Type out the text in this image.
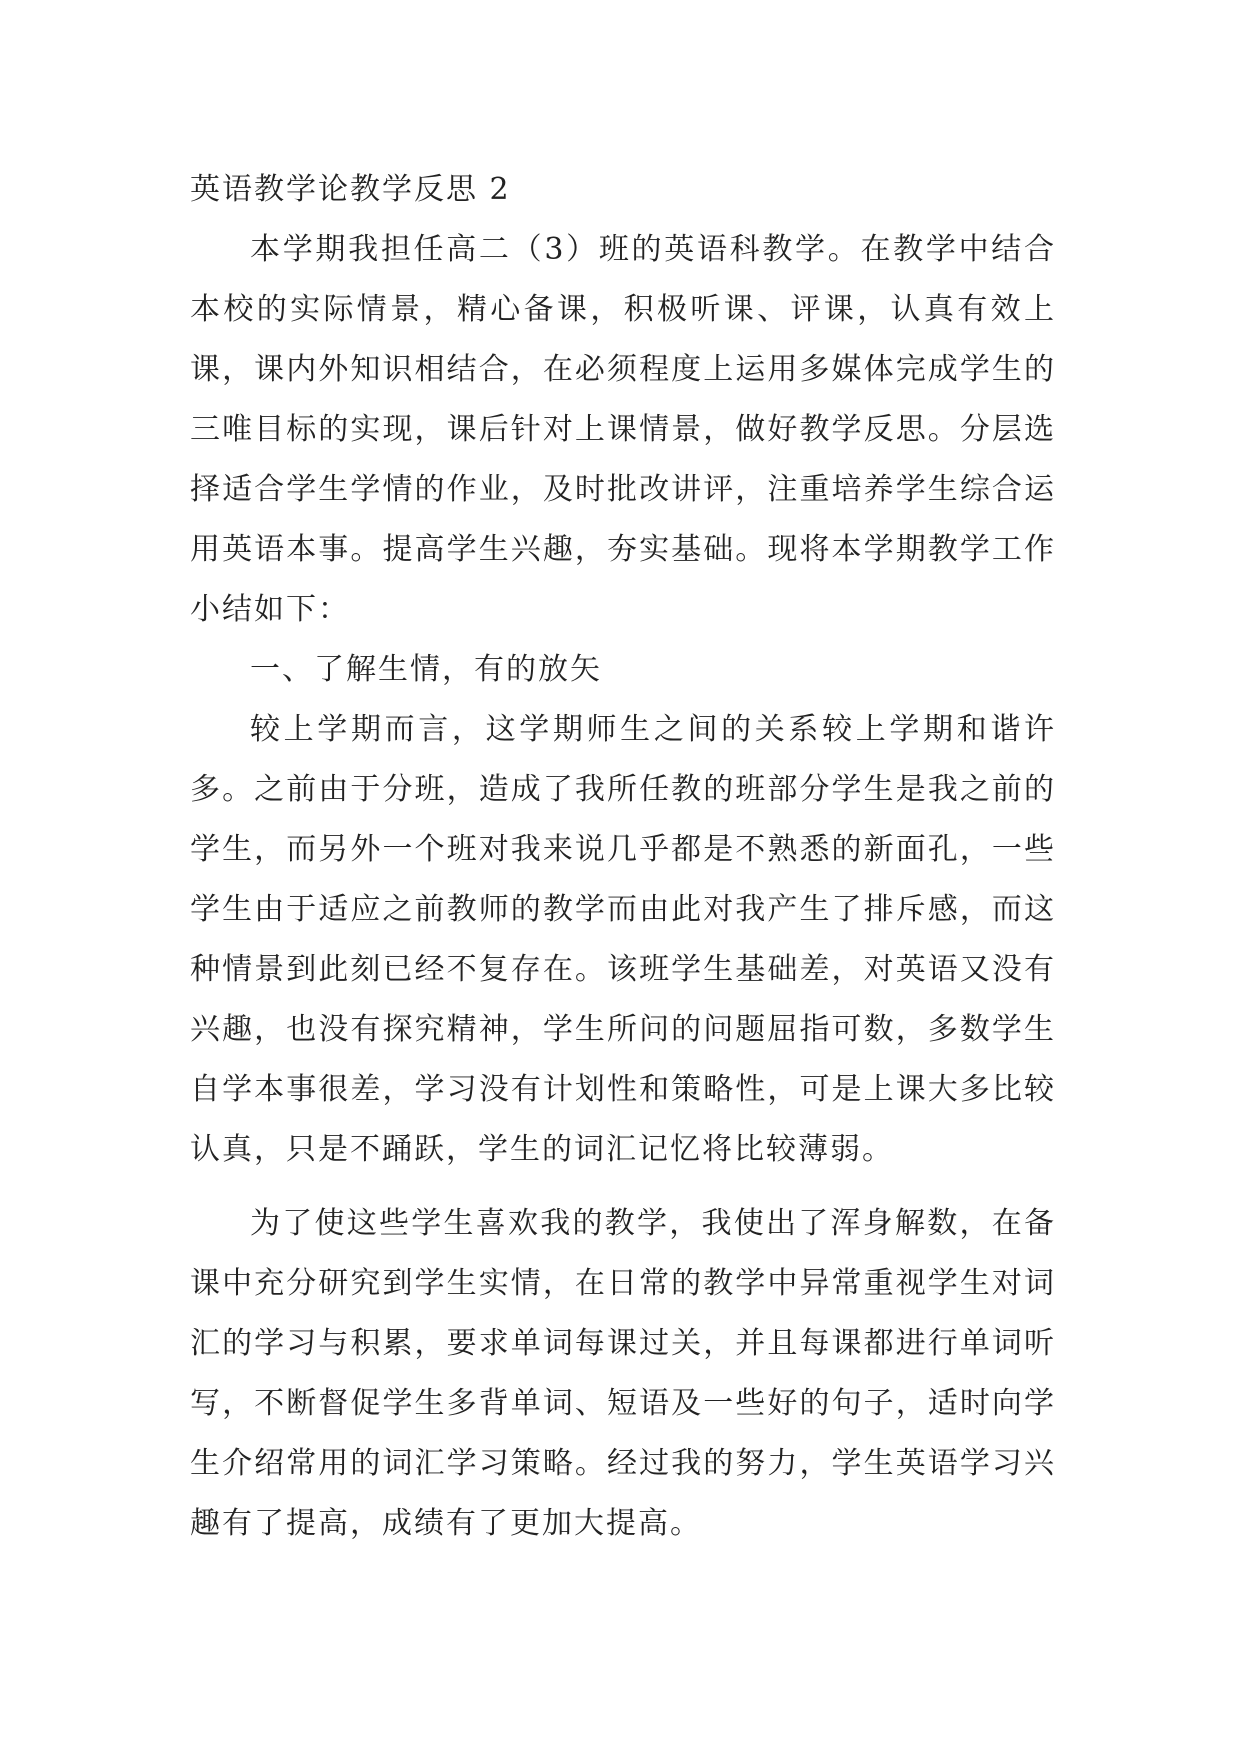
英语教学论教学反思 2

本学期我担任高二（3）班的英语科教学。在教学中结合本校的实际情景，精心备课，积极听课、评课，认真有效上课，课内外知识相结合，在必须程度上运用多媒体完成学生的三唯目标的实现，课后针对上课情景，做好教学反思。分层选择适合学生学情的作业，及时批改讲评，注重培养学生综合运用英语本事。提高学生兴趣，夯实基础。现将本学期教学工作小结如下：

一、了解生情，有的放矢

较上学期而言，这学期师生之间的关系较上学期和谐许多。之前由于分班，造成了我所任教的班部分学生是我之前的学生，而另外一个班对我来说几乎都是不熟悉的新面孔，一些学生由于适应之前教师的教学而由此对我产生了排斥感，而这种情景到此刻已经不复存在。该班学生基础差，对英语又没有兴趣，也没有探究精神，学生所问的问题屈指可数，多数学生自学本事很差，学习没有计划性和策略性，可是上课大多比较认真，只是不踊跃，学生的词汇记忆将比较薄弱。

为了使这些学生喜欢我的教学，我使出了浑身解数，在备课中充分研究到学生实情，在日常的教学中异常重视学生对词汇的学习与积累，要求单词每课过关，并且每课都进行单词听写，不断督促学生多背单词、短语及一些好的句子，适时向学生介绍常用的词汇学习策略。经过我的努力，学生英语学习兴趣有了提高，成绩有了更加大提高。
